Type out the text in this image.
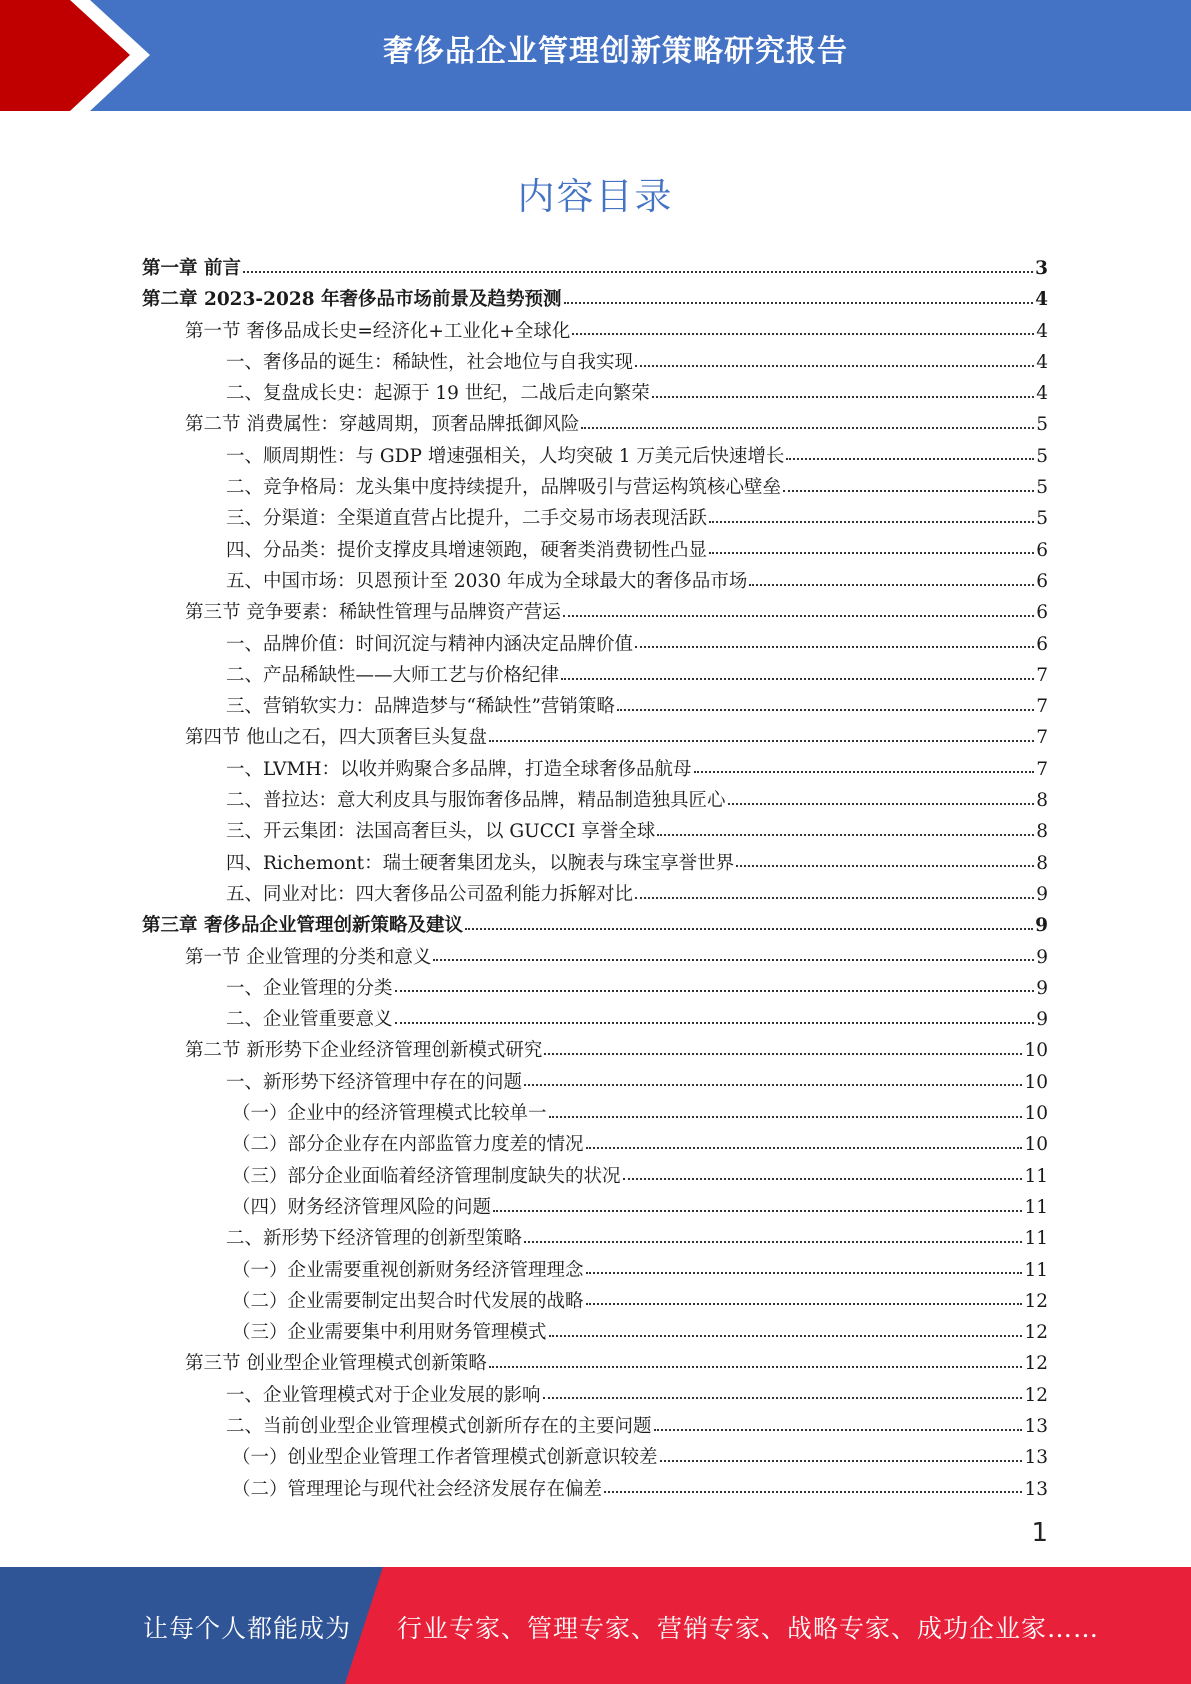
奢侈品企业管理创新策略研究报告
内容目录
第一章 前言	3
第二章 2023-2028 年奢侈品市场前景及趋势预测	4
第一节 奢侈品成长史=经济化+工业化+全球化	4
一、奢侈品的诞生：稀缺性，社会地位与自我实现	4
二、复盘成长史：起源于 19 世纪，二战后走向繁荣	4
第二节 消费属性：穿越周期，顶奢品牌抵御风险	5
一、顺周期性：与 GDP 增速强相关，人均突破 1 万美元后快速增长	5
二、竞争格局：龙头集中度持续提升，品牌吸引与营运构筑核心壁垒	5
三、分渠道：全渠道直营占比提升，二手交易市场表现活跃	5
四、分品类：提价支撑皮具增速领跑，硬奢类消费韧性凸显	6
五、中国市场：贝恩预计至 2030 年成为全球最大的奢侈品市场	6
第三节 竞争要素：稀缺性管理与品牌资产营运	6
一、品牌价值：时间沉淀与精神内涵决定品牌价值	6
二、产品稀缺性——大师工艺与价格纪律	7
三、营销软实力：品牌造梦与“稀缺性”营销策略	7
第四节 他山之石，四大顶奢巨头复盘	7
一、LVMH：以收并购聚合多品牌，打造全球奢侈品航母	7
二、普拉达：意大利皮具与服饰奢侈品牌，精品制造独具匠心	8
三、开云集团：法国高奢巨头，以 GUCCI 享誉全球	8
四、Richemont：瑞士硬奢集团龙头，以腕表与珠宝享誉世界	8
五、同业对比：四大奢侈品公司盈利能力拆解对比	9
第三章 奢侈品企业管理创新策略及建议	9
第一节 企业管理的分类和意义	9
一、企业管理的分类	9
二、企业管重要意义	9
第二节 新形势下企业经济管理创新模式研究	10
一、新形势下经济管理中存在的问题	10
（一）企业中的经济管理模式比较单一	10
（二）部分企业存在内部监管力度差的情况	10
（三）部分企业面临着经济管理制度缺失的状况	11
（四）财务经济管理风险的问题	11
二、新形势下经济管理的创新型策略	11
（一）企业需要重视创新财务经济管理理念	11
（二）企业需要制定出契合时代发展的战略	12
（三）企业需要集中利用财务管理模式	12
第三节 创业型企业管理模式创新策略	12
一、企业管理模式对于企业发展的影响	12
二、当前创业型企业管理模式创新所存在的主要问题	13
（一）创业型企业管理工作者管理模式创新意识较差	13
（二）管理理论与现代社会经济发展存在偏差	13
1
让每个人都能成为 行业专家、管理专家、营销专家、战略专家、成功企业家……
